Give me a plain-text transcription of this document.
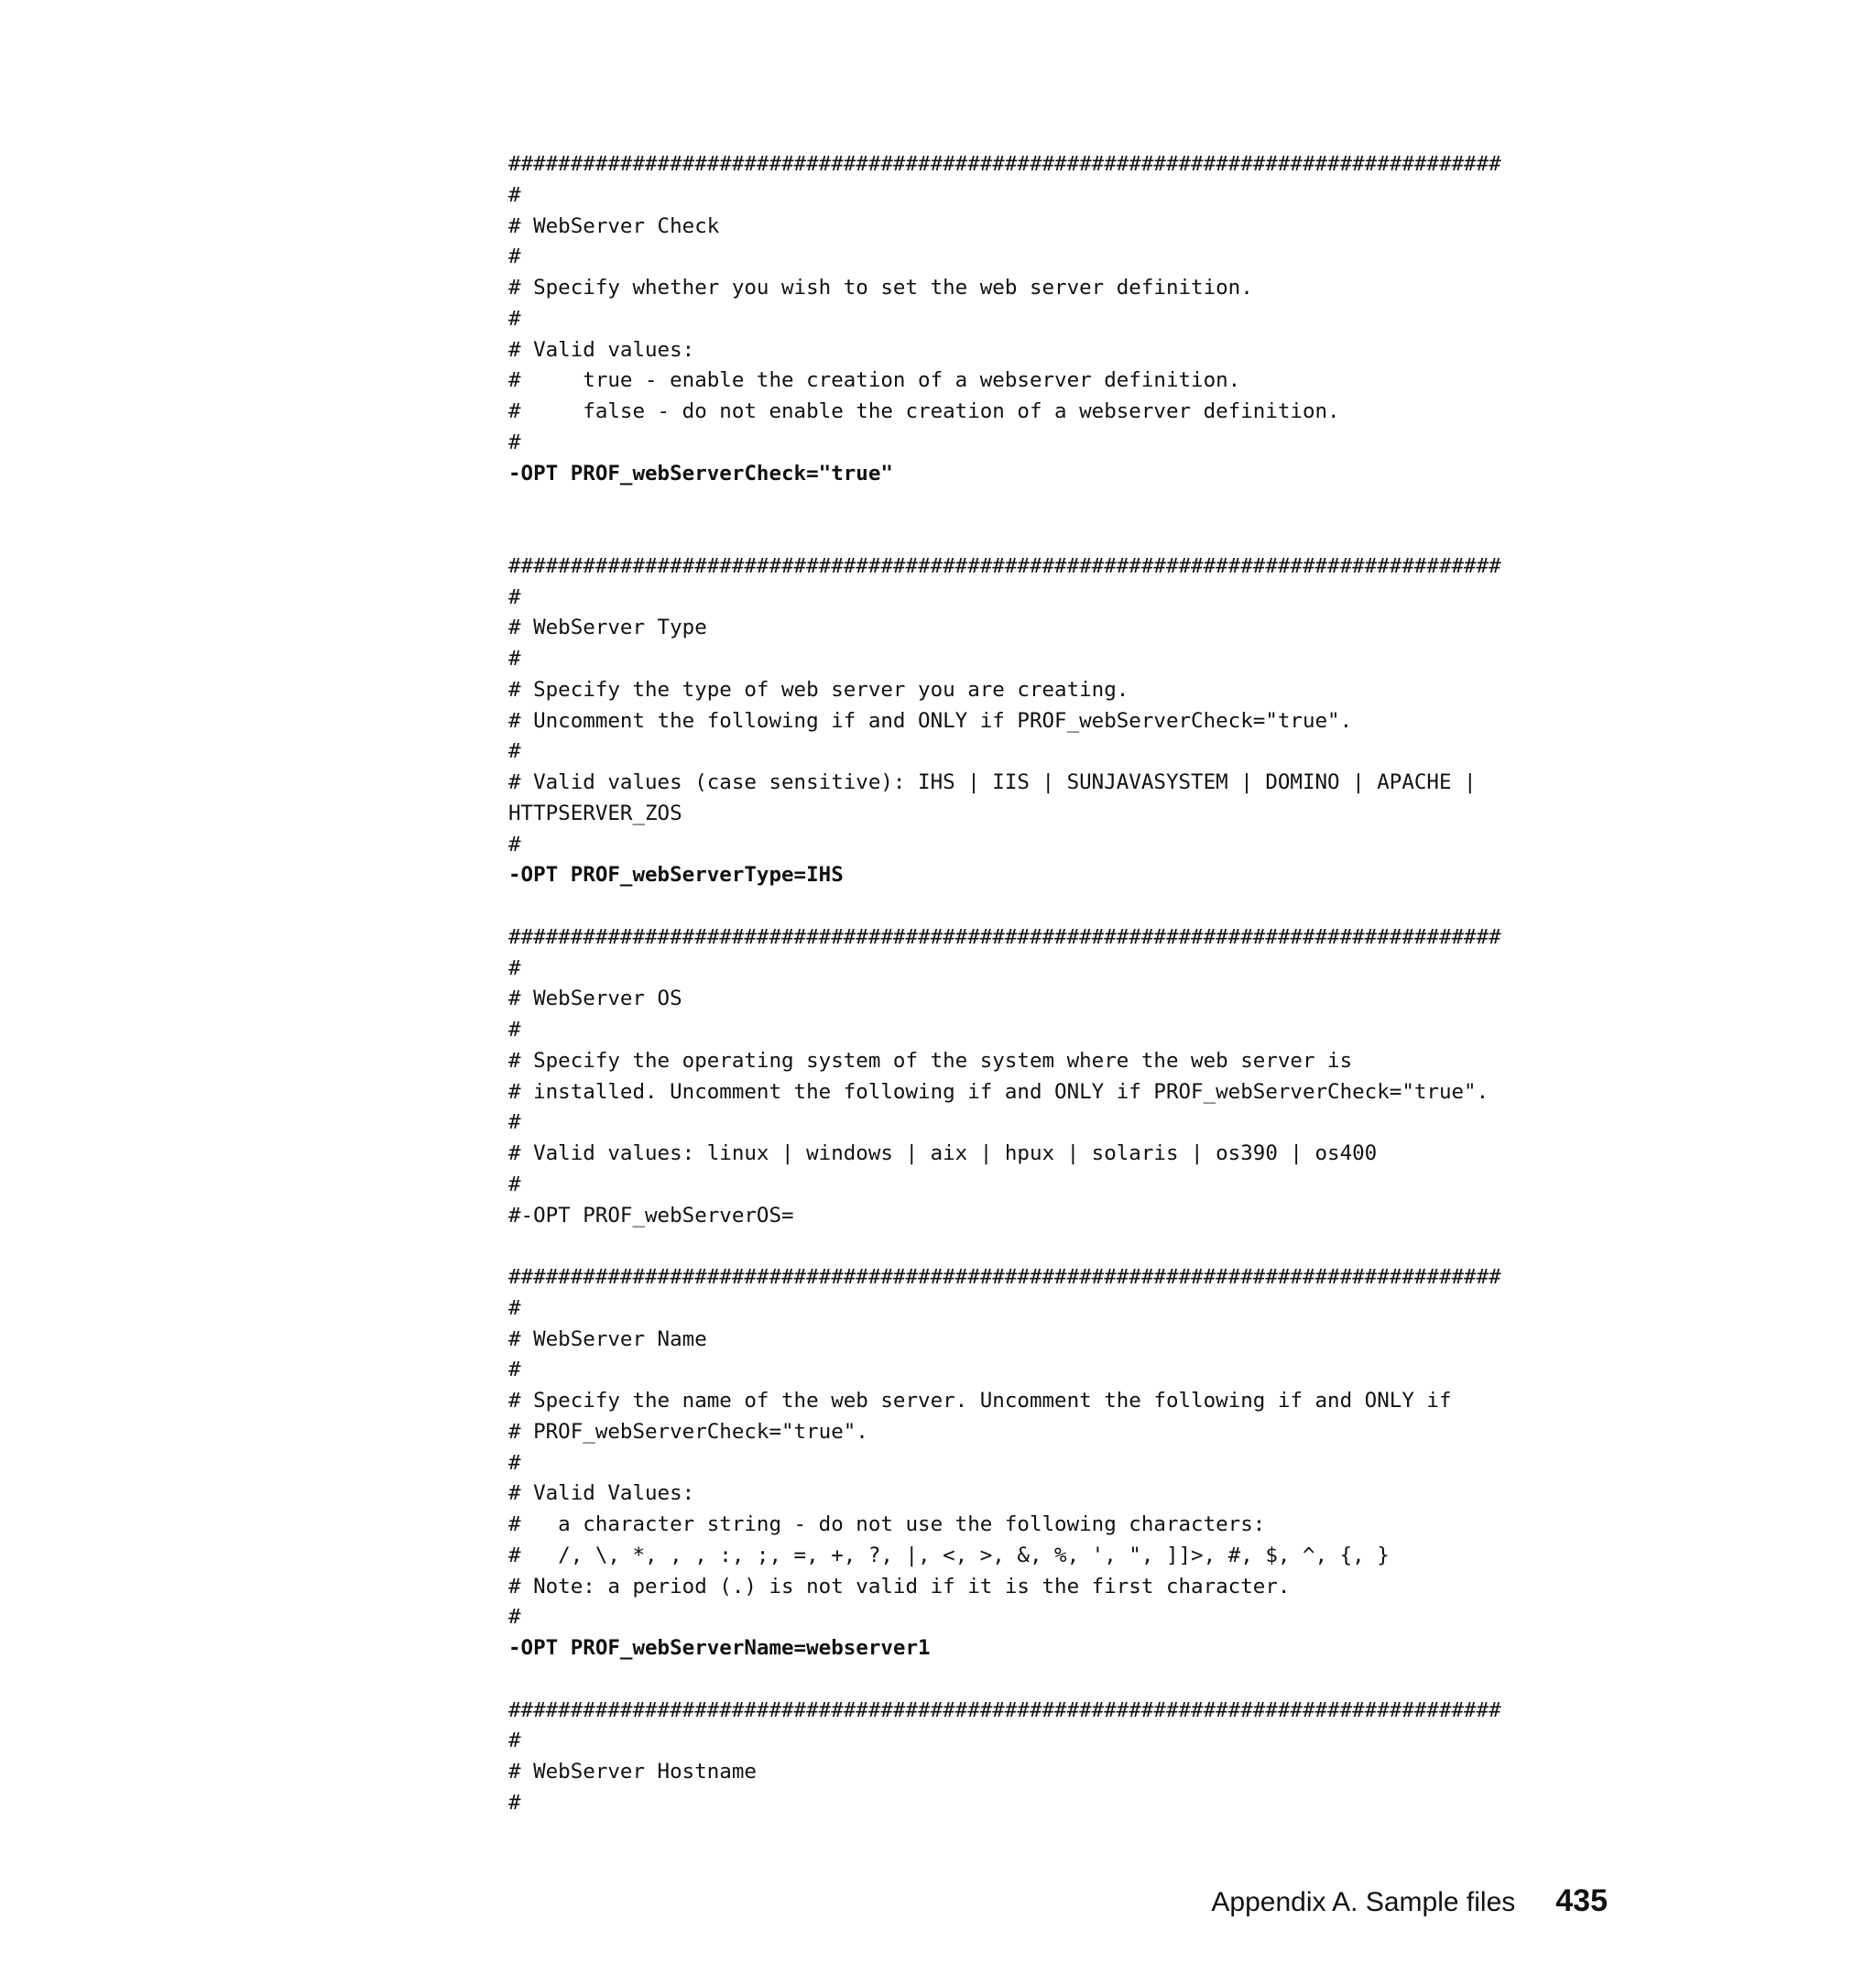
################################################################################
#
# WebServer Check
#
# Specify whether you wish to set the web server definition.
#
# Valid values:
#     true - enable the creation of a webserver definition.
#     false - do not enable the creation of a webserver definition.
#
-OPT PROF_webServerCheck="true"
################################################################################
#
# WebServer Type
#
# Specify the type of web server you are creating.
# Uncomment the following if and ONLY if PROF_webServerCheck="true".
#
# Valid values (case sensitive): IHS | IIS | SUNJAVASYSTEM | DOMINO | APACHE |
HTTPSERVER_ZOS
#
-OPT PROF_webServerType=IHS
################################################################################
#
# WebServer OS
#
# Specify the operating system of the system where the web server is
# installed. Uncomment the following if and ONLY if PROF_webServerCheck="true".
#
# Valid values: linux | windows | aix | hpux | solaris | os390 | os400
#
#-OPT PROF_webServerOS=
################################################################################
#
# WebServer Name
#
# Specify the name of the web server. Uncomment the following if and ONLY if
# PROF_webServerCheck="true".
#
# Valid Values:
#   a character string - do not use the following characters:
#   /, \, *, , , :, ;, =, +, ?, |, <, >, &, %, ', ", ]]>, #, $, ^, {, }
# Note: a period (.) is not valid if it is the first character.
#
-OPT PROF_webServerName=webserver1
################################################################################
#
# WebServer Hostname
#
Appendix A. Sample files 435
